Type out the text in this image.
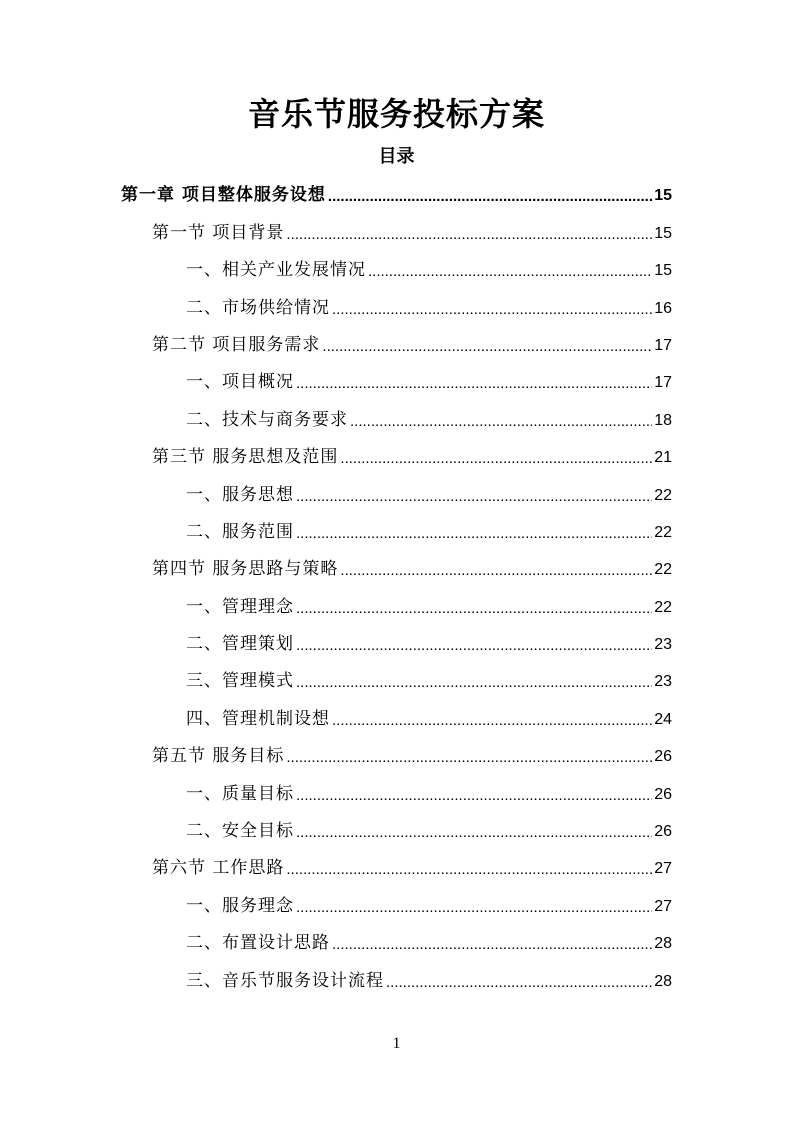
音乐节服务投标方案
目录
第一章 项目整体服务设想 .....	15
第一节 项目背景 .....	15
一、相关产业发展情况 .....	15
二、市场供给情况 .....	16
第二节 项目服务需求 .....	17
一、项目概况 .....	17
二、技术与商务要求 .....	18
第三节 服务思想及范围 .....	21
一、服务思想 .....	22
二、服务范围 .....	22
第四节 服务思路与策略 .....	22
一、管理理念 .....	22
二、管理策划 .....	23
三、管理模式 .....	23
四、管理机制设想 .....	24
第五节 服务目标 .....	26
一、质量目标 .....	26
二、安全目标 .....	26
第六节 工作思路 .....	27
一、服务理念 .....	27
二、布置设计思路 .....	28
三、音乐节服务设计流程 .....	28
1
